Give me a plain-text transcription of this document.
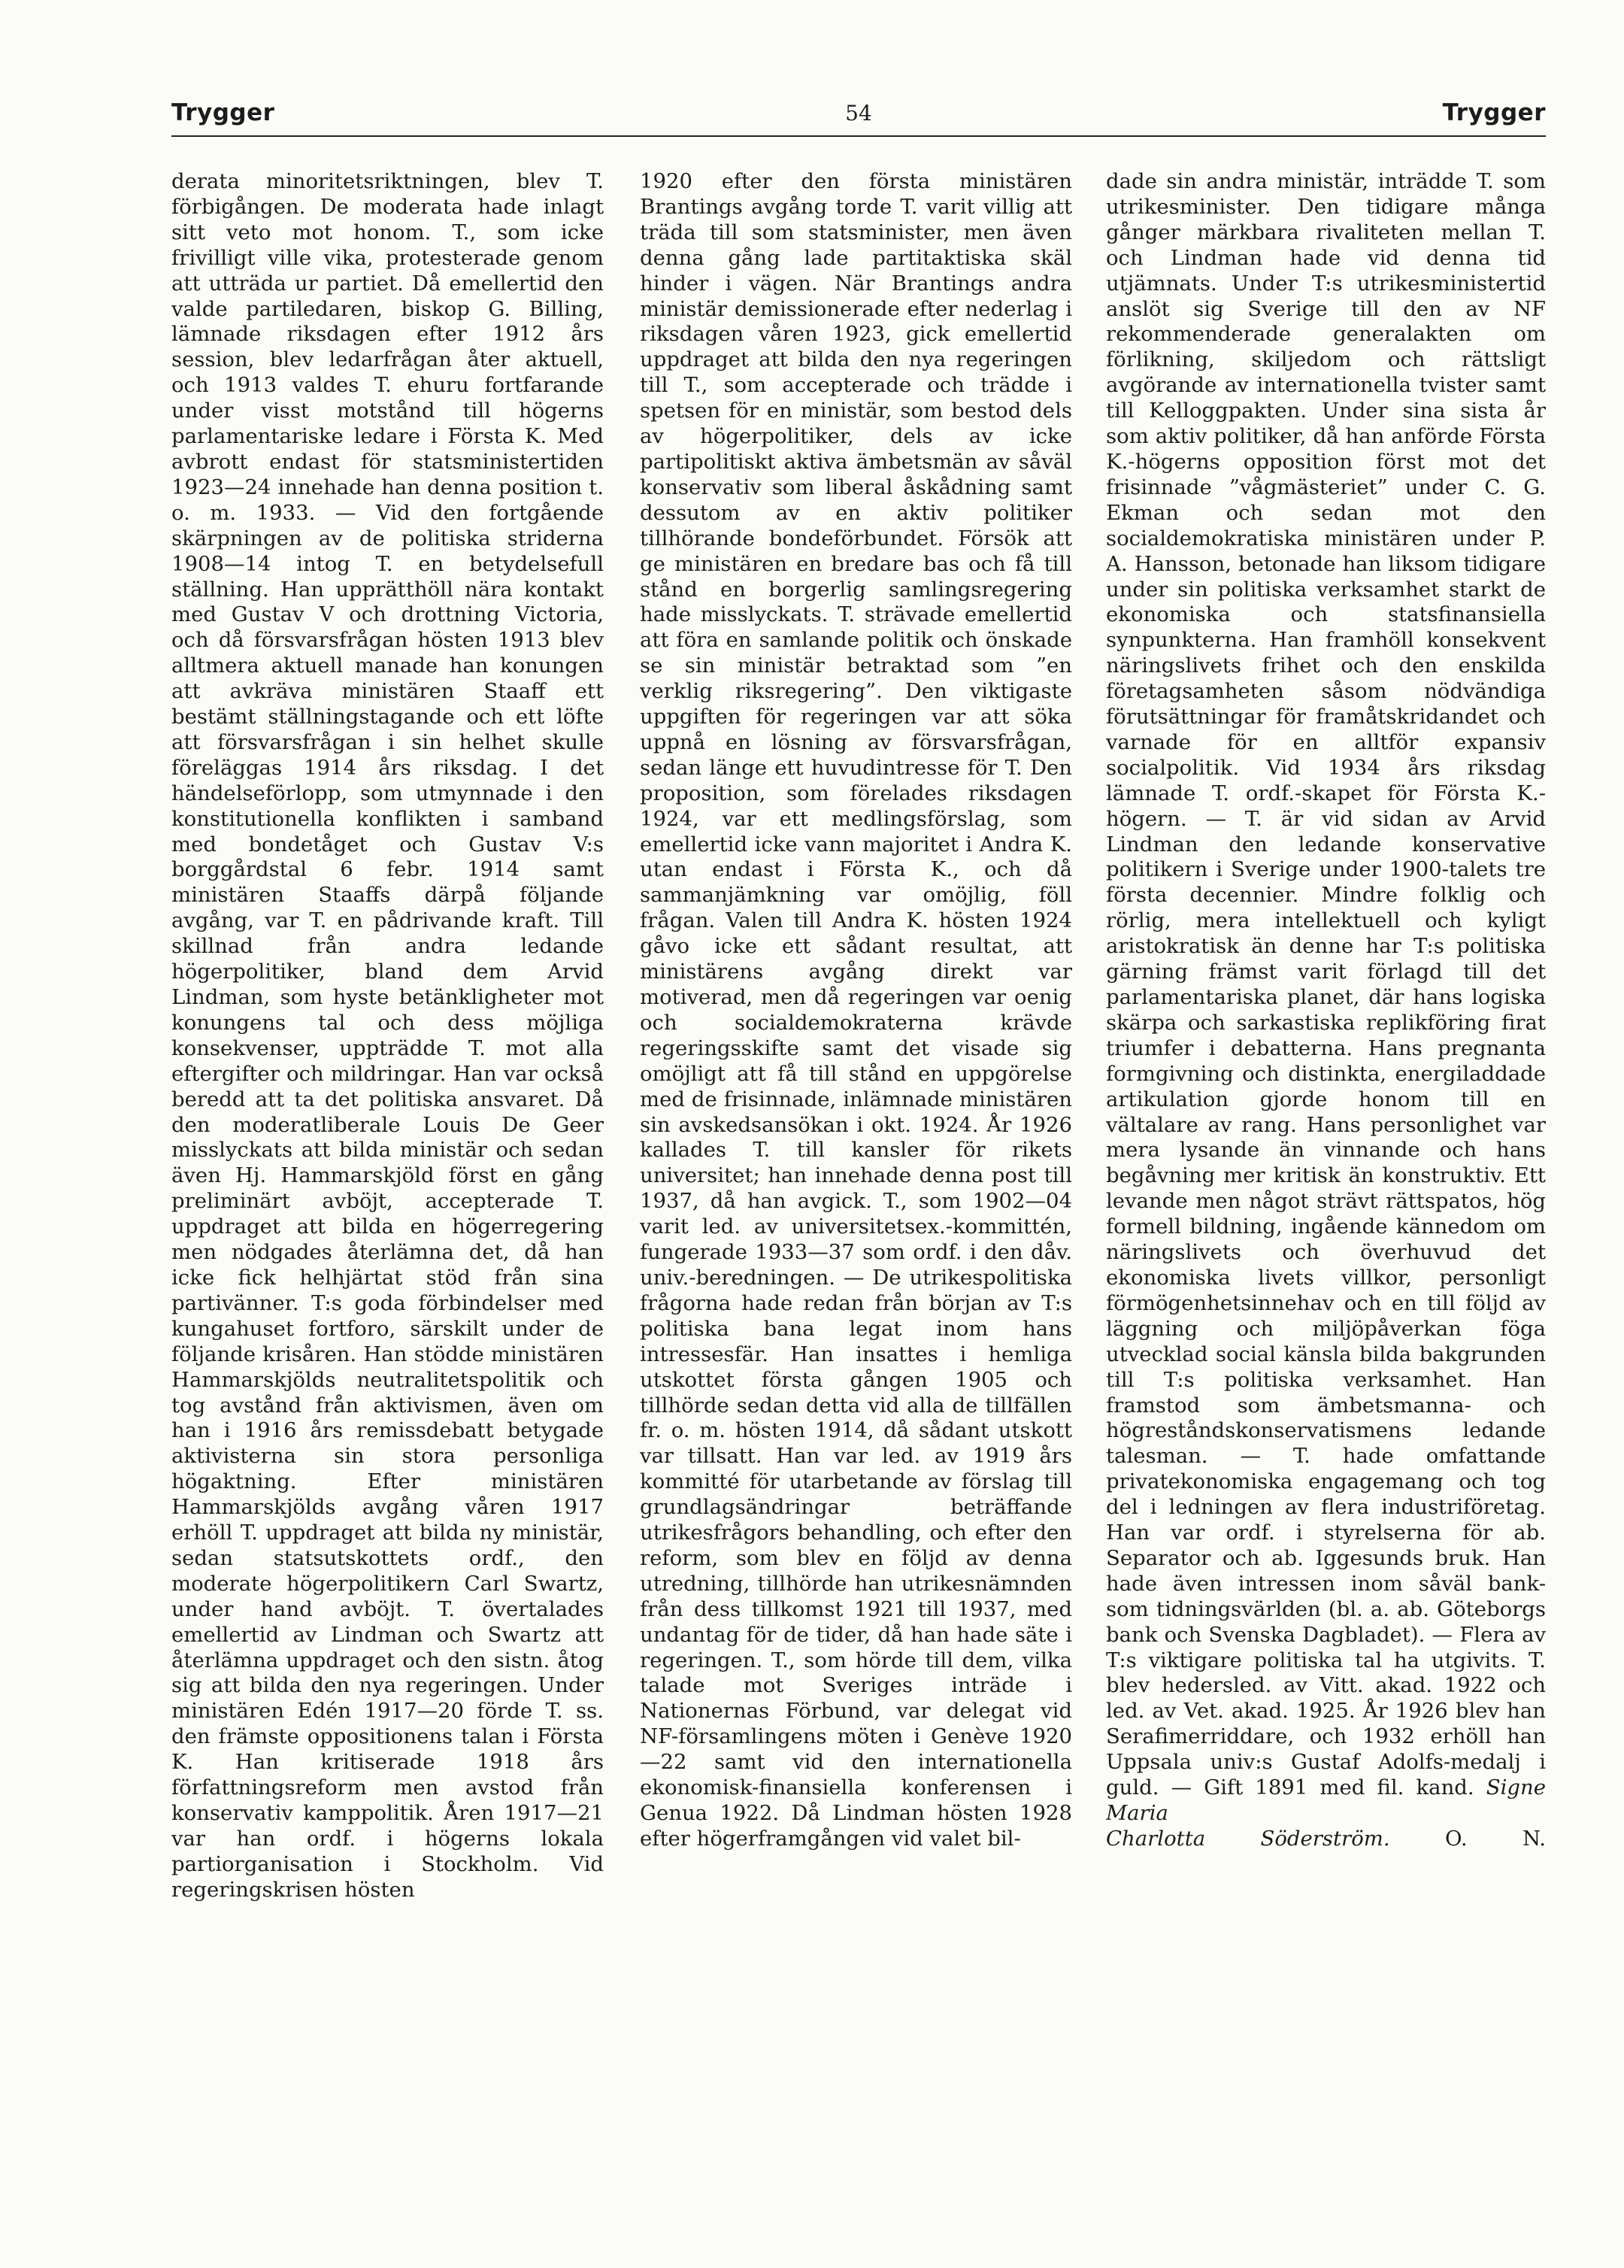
Trygger	54	Trygger
derata minoritetsriktningen, blev T. förbigången. De moderata hade inlagt sitt veto mot honom. T., som icke frivilligt ville vika, protesterade genom att utträda ur partiet. Då emellertid den valde partiledaren, biskop G. Billing, lämnade riksdagen efter 1912 års session, blev ledarfrågan åter aktuell, och 1913 valdes T. ehuru fortfarande under visst motstånd till högerns parlamentariske ledare i Första K. Med avbrott endast för statsministertiden 1923—24 innehade han denna position t. o. m. 1933. — Vid den fortgående skärpningen av de politiska striderna 1908—14 intog T. en betydelsefull ställning. Han upprätthöll nära kontakt med Gustav V och drottning Victoria, och då försvarsfrågan hösten 1913 blev alltmera aktuell manade han konungen att avkräva ministären Staaff ett bestämt ställningstagande och ett löfte att försvarsfrågan i sin helhet skulle föreläggas 1914 års riksdag. I det händelseförlopp, som utmynnade i den konstitutionella konflikten i samband med bondetåget och Gustav V:s borggårdstal 6 febr. 1914 samt ministären Staaffs därpå följande avgång, var T. en pådrivande kraft. Till skillnad från andra ledande högerpolitiker, bland dem Arvid Lindman, som hyste betänkligheter mot konungens tal och dess möjliga konsekvenser, uppträdde T. mot alla eftergifter och mildringar. Han var också beredd att ta det politiska ansvaret. Då den moderatliberale Louis De Geer misslyckats att bilda ministär och sedan även Hj. Hammarskjöld först en gång preliminärt avböjt, accepterade T. uppdraget att bilda en högerregering men nödgades återlämna det, då han icke fick helhjärtat stöd från sina partivänner. T:s goda förbindelser med kungahuset fortforo, särskilt under de följande krisåren. Han stödde ministären Hammarskjölds neutralitetspolitik och tog avstånd från aktivismen, även om han i 1916 års remissdebatt betygade aktivisterna sin stora personliga högaktning. Efter ministären Hammarskjölds avgång våren 1917 erhöll T. uppdraget att bilda ny ministär, sedan statsutskottets ordf., den moderate högerpolitikern Carl Swartz, under hand avböjt. T. övertalades emellertid av Lindman och Swartz att återlämna uppdraget och den sistn. åtog sig att bilda den nya regeringen. Under ministären Edén 1917—20 förde T. ss. den främste oppositionens talan i Första K. Han kritiserade 1918 års författningsreform men avstod från konservativ kamppolitik. Åren 1917—21 var han ordf. i högerns lokala partiorganisation i Stockholm. Vid regeringskrisen hösten
1920 efter den första ministären Brantings avgång torde T. varit villig att träda till som statsminister, men även denna gång lade partitaktiska skäl hinder i vägen. När Brantings andra ministär demissionerade efter nederlag i riksdagen våren 1923, gick emellertid uppdraget att bilda den nya regeringen till T., som accepterade och trädde i spetsen för en ministär, som bestod dels av högerpolitiker, dels av icke partipolitiskt aktiva ämbetsmän av såväl konservativ som liberal åskådning samt dessutom av en aktiv politiker tillhörande bondeförbundet. Försök att ge ministären en bredare bas och få till stånd en borgerlig samlingsregering hade misslyckats. T. strävade emellertid att föra en samlande politik och önskade se sin ministär betraktad som ”en verklig riksregering”. Den viktigaste uppgiften för regeringen var att söka uppnå en lösning av försvarsfrågan, sedan länge ett huvudintresse för T. Den proposition, som förelades riksdagen 1924, var ett medlingsförslag, som emellertid icke vann majoritet i Andra K. utan endast i Första K., och då sammanjämkning var omöjlig, föll frågan. Valen till Andra K. hösten 1924 gåvo icke ett sådant resultat, att ministärens avgång direkt var motiverad, men då regeringen var oenig och socialdemokraterna krävde regeringsskifte samt det visade sig omöjligt att få till stånd en uppgörelse med de frisinnade, inlämnade ministären sin avskedsansökan i okt. 1924. År 1926 kallades T. till kansler för rikets universitet; han innehade denna post till 1937, då han avgick. T., som 1902—04 varit led. av universitetsex.-kommittén, fungerade 1933—37 som ordf. i den dåv. univ.-beredningen. — De utrikespolitiska frågorna hade redan från början av T:s politiska bana legat inom hans intressesfär. Han insattes i hemliga utskottet första gången 1905 och tillhörde sedan detta vid alla de tillfällen fr. o. m. hösten 1914, då sådant utskott var tillsatt. Han var led. av 1919 års kommitté för utarbetande av förslag till grundlagsändringar beträffande utrikesfrågors behandling, och efter den reform, som blev en följd av denna utredning, tillhörde han utrikesnämnden från dess tillkomst 1921 till 1937, med undantag för de tider, då han hade säte i regeringen. T., som hörde till dem, vilka talade mot Sveriges inträde i Nationernas Förbund, var delegat vid NF-församlingens möten i Genève 1920—22 samt vid den internationella ekonomisk-finansiella konferensen i Genua 1922. Då Lindman hösten 1928 efter högerframgången vid valet bil-
dade sin andra ministär, inträdde T. som utrikesminister. Den tidigare många gånger märkbara rivaliteten mellan T. och Lindman hade vid denna tid utjämnats. Under T:s utrikesministertid anslöt sig Sverige till den av NF rekommenderade generalakten om förlikning, skiljedom och rättsligt avgörande av internationella tvister samt till Kelloggpakten. Under sina sista år som aktiv politiker, då han anförde Första K.-högerns opposition först mot det frisinnade ”vågmästeriet” under C. G. Ekman och sedan mot den socialdemokratiska ministären under P. A. Hansson, betonade han liksom tidigare under sin politiska verksamhet starkt de ekonomiska och statsfinansiella synpunkterna. Han framhöll konsekvent näringslivets frihet och den enskilda företagsamheten såsom nödvändiga förutsättningar för framåtskridandet och varnade för en alltför expansiv socialpolitik. Vid 1934 års riksdag lämnade T. ordf.-skapet för Första K.-högern. — T. är vid sidan av Arvid Lindman den ledande konservative politikern i Sverige under 1900-talets tre första decennier. Mindre folklig och rörlig, mera intellektuell och kyligt aristokratisk än denne har T:s politiska gärning främst varit förlagd till det parlamentariska planet, där hans logiska skärpa och sarkastiska replikföring firat triumfer i debatterna. Hans pregnanta formgivning och distinkta, energiladdade artikulation gjorde honom till en vältalare av rang. Hans personlighet var mera lysande än vinnande och hans begåvning mer kritisk än konstruktiv. Ett levande men något strävt rättspatos, hög formell bildning, ingående kännedom om näringslivets och överhuvud det ekonomiska livets villkor, personligt förmögenhetsinnehav och en till följd av läggning och miljöpåverkan föga utvecklad social känsla bilda bakgrunden till T:s politiska verksamhet. Han framstod som ämbetsmanna- och högreståndskonservatismens ledande talesman. — T. hade omfattande privatekonomiska engagemang och tog del i ledningen av flera industriföretag. Han var ordf. i styrelserna för ab. Separator och ab. Iggesunds bruk. Han hade även intressen inom såväl bank- som tidningsvärlden (bl. a. ab. Göteborgs bank och Svenska Dagbladet). — Flera av T:s viktigare politiska tal ha utgivits. T. blev hedersled. av Vitt. akad. 1922 och led. av Vet. akad. 1925. År 1926 blev han Serafimerriddare, och 1932 erhöll han Uppsala univ:s Gustaf Adolfs-medalj i guld. — Gift 1891 med fil. kand. Signe Maria
Charlotta Söderström.	O. N.
